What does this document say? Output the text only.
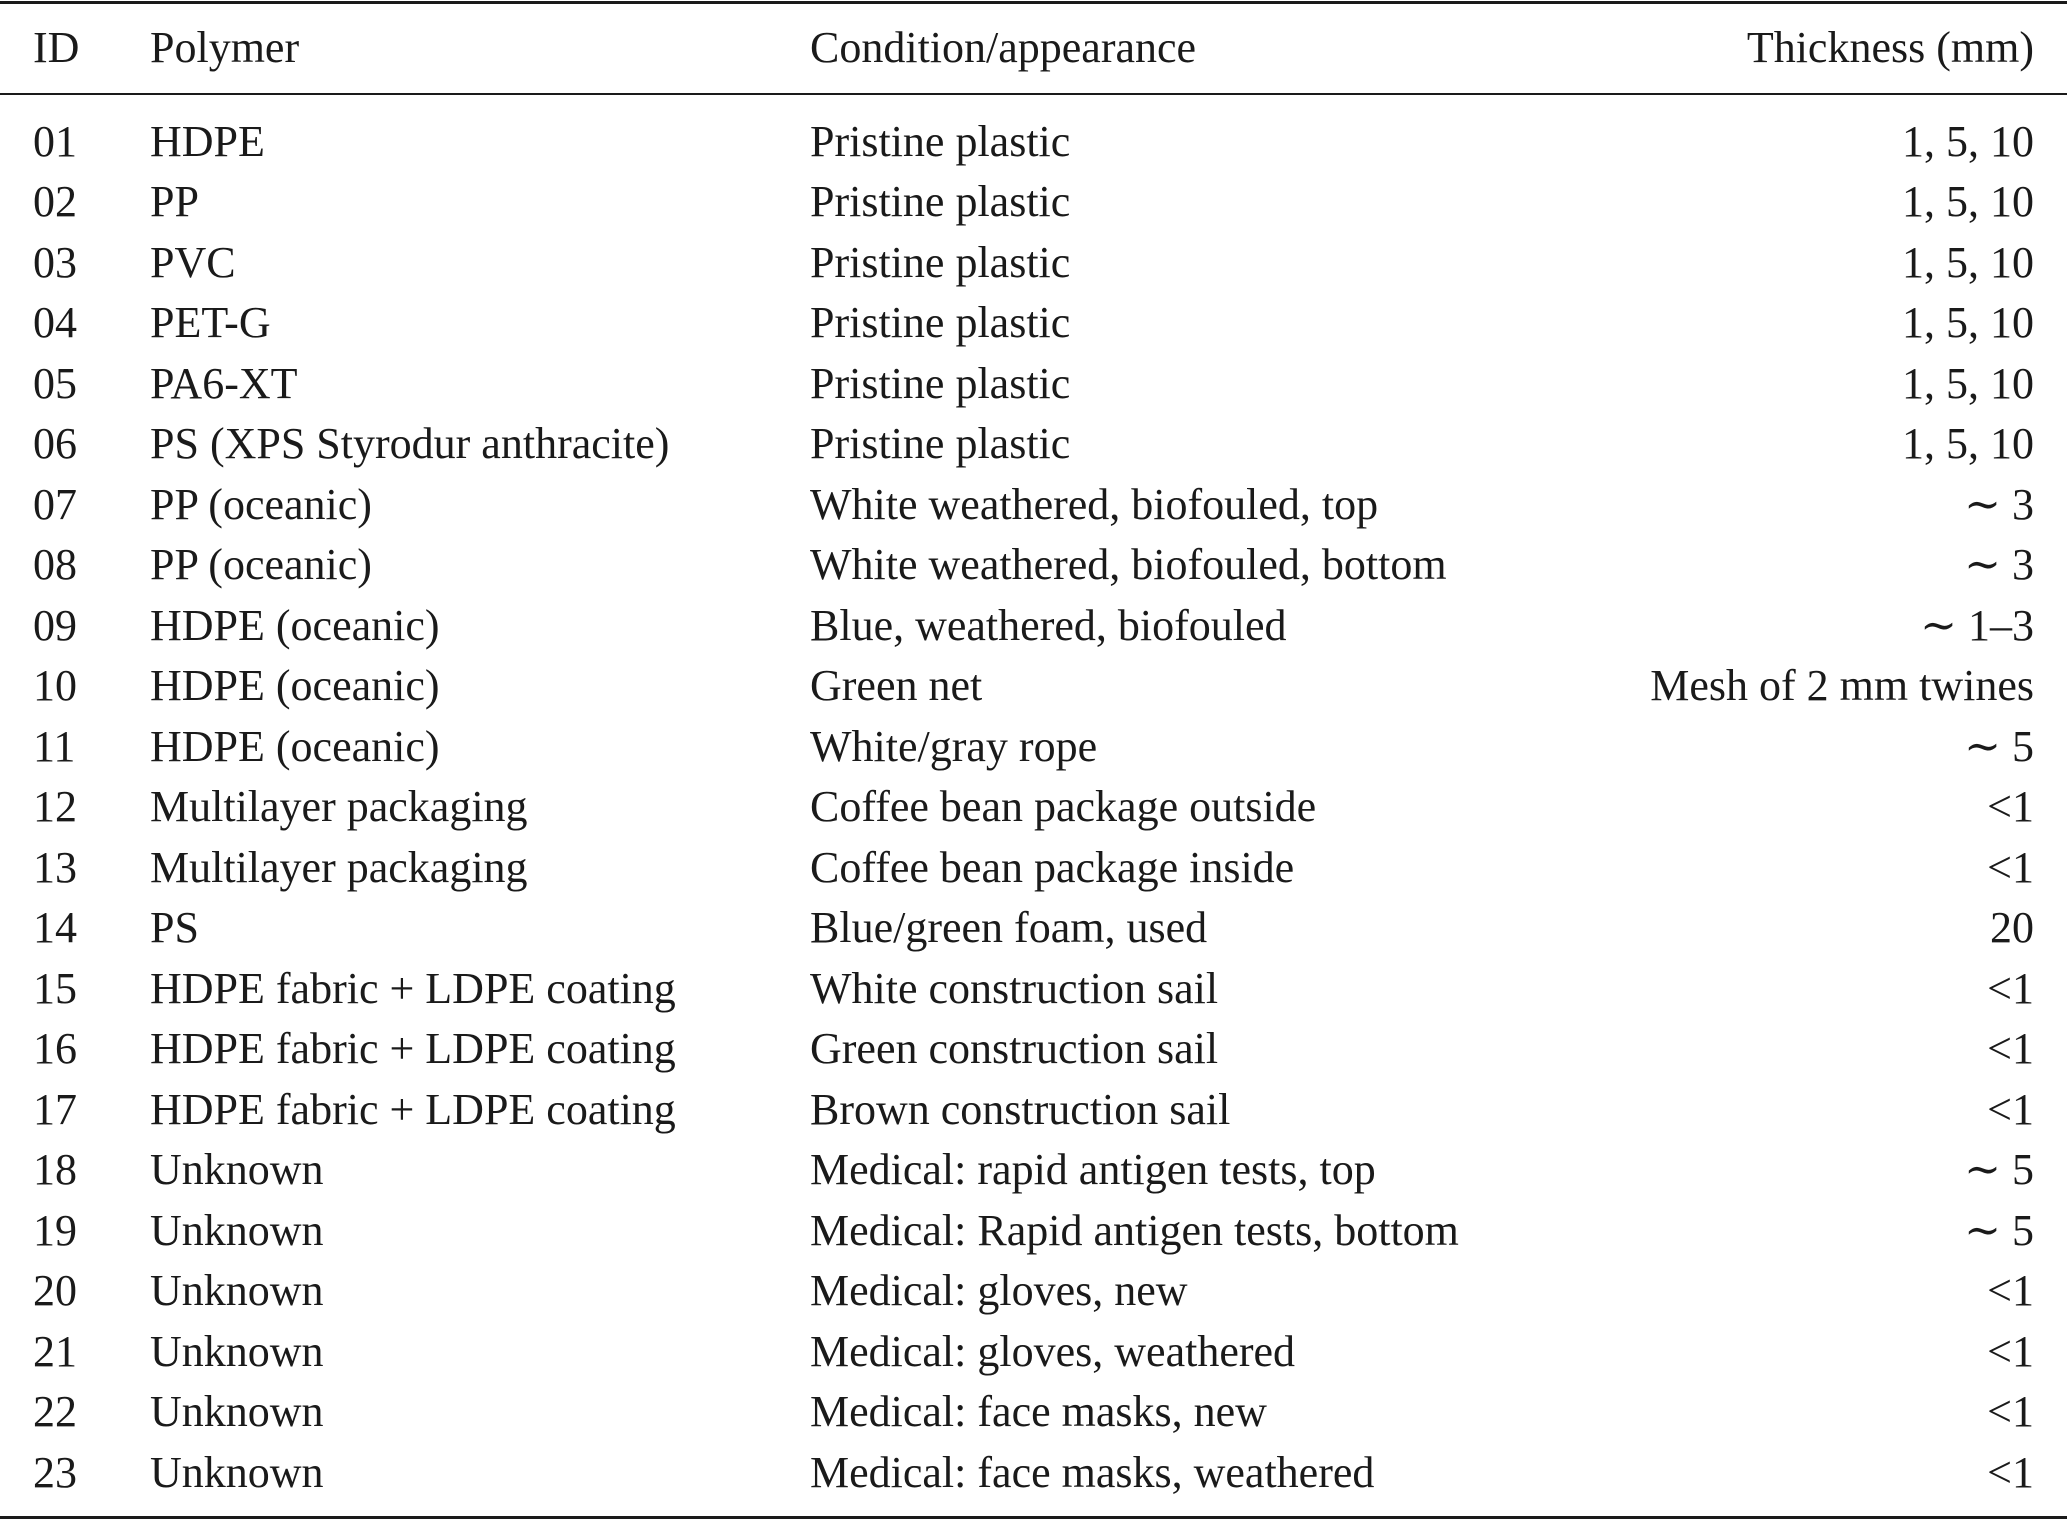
ID	Polymer	Condition/appearance	Thickness (mm)
01	HDPE	Pristine plastic	1, 5, 10
02	PP	Pristine plastic	1, 5, 10
03	PVC	Pristine plastic	1, 5, 10
04	PET-G	Pristine plastic	1, 5, 10
05	PA6-XT	Pristine plastic	1, 5, 10
06	PS (XPS Styrodur anthracite)	Pristine plastic	1, 5, 10
07	PP (oceanic)	White weathered, biofouled, top	∼ 3
08	PP (oceanic)	White weathered, biofouled, bottom	∼ 3
09	HDPE (oceanic)	Blue, weathered, biofouled	∼ 1–3
10	HDPE (oceanic)	Green net	Mesh of 2 mm twines
11	HDPE (oceanic)	White/gray rope	∼ 5
12	Multilayer packaging	Coffee bean package outside	<1
13	Multilayer packaging	Coffee bean package inside	<1
14	PS	Blue/green foam, used	20
15	HDPE fabric + LDPE coating	White construction sail	<1
16	HDPE fabric + LDPE coating	Green construction sail	<1
17	HDPE fabric + LDPE coating	Brown construction sail	<1
18	Unknown	Medical: rapid antigen tests, top	∼ 5
19	Unknown	Medical: Rapid antigen tests, bottom	∼ 5
20	Unknown	Medical: gloves, new	<1
21	Unknown	Medical: gloves, weathered	<1
22	Unknown	Medical: face masks, new	<1
23	Unknown	Medical: face masks, weathered	<1
